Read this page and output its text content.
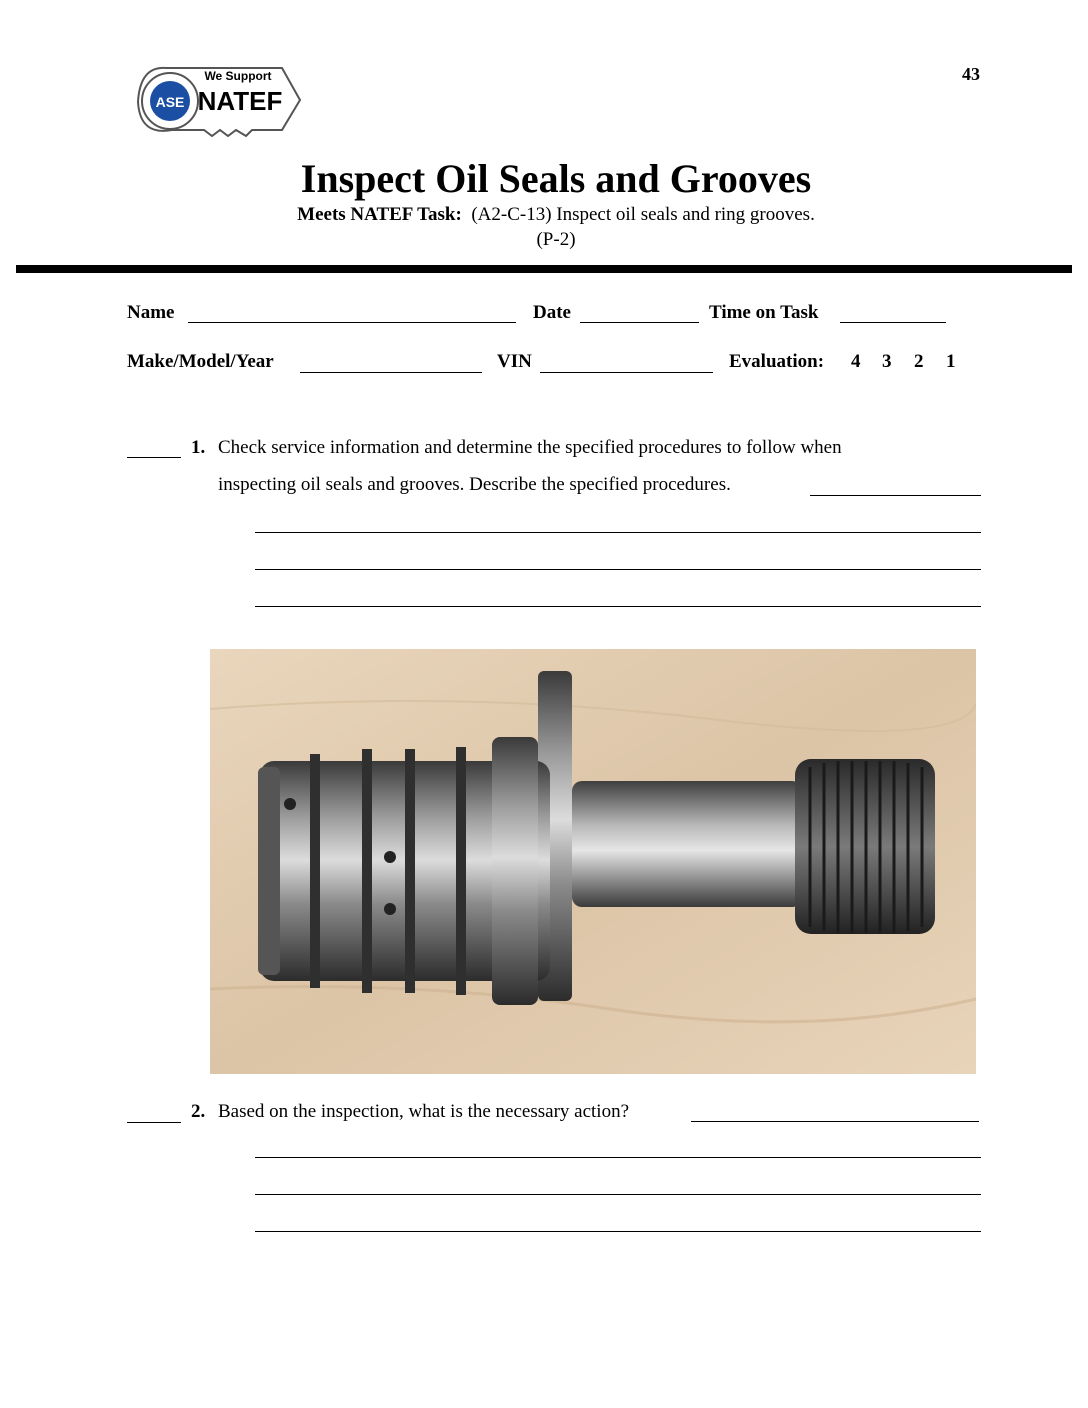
43
ASE
We Support
NATEF
Inspect Oil Seals and Grooves
Meets NATEF Task: (A2-C-13) Inspect oil seals and ring grooves.
(P-2)
Name	Date	Time on Task
Make/Model/Year	VIN	Evaluation: 4 3 2 1
1. Check service information and determine the specified procedures to follow when
inspecting oil seals and grooves. Describe the specified procedures.
2. Based on the inspection, what is the necessary action?
